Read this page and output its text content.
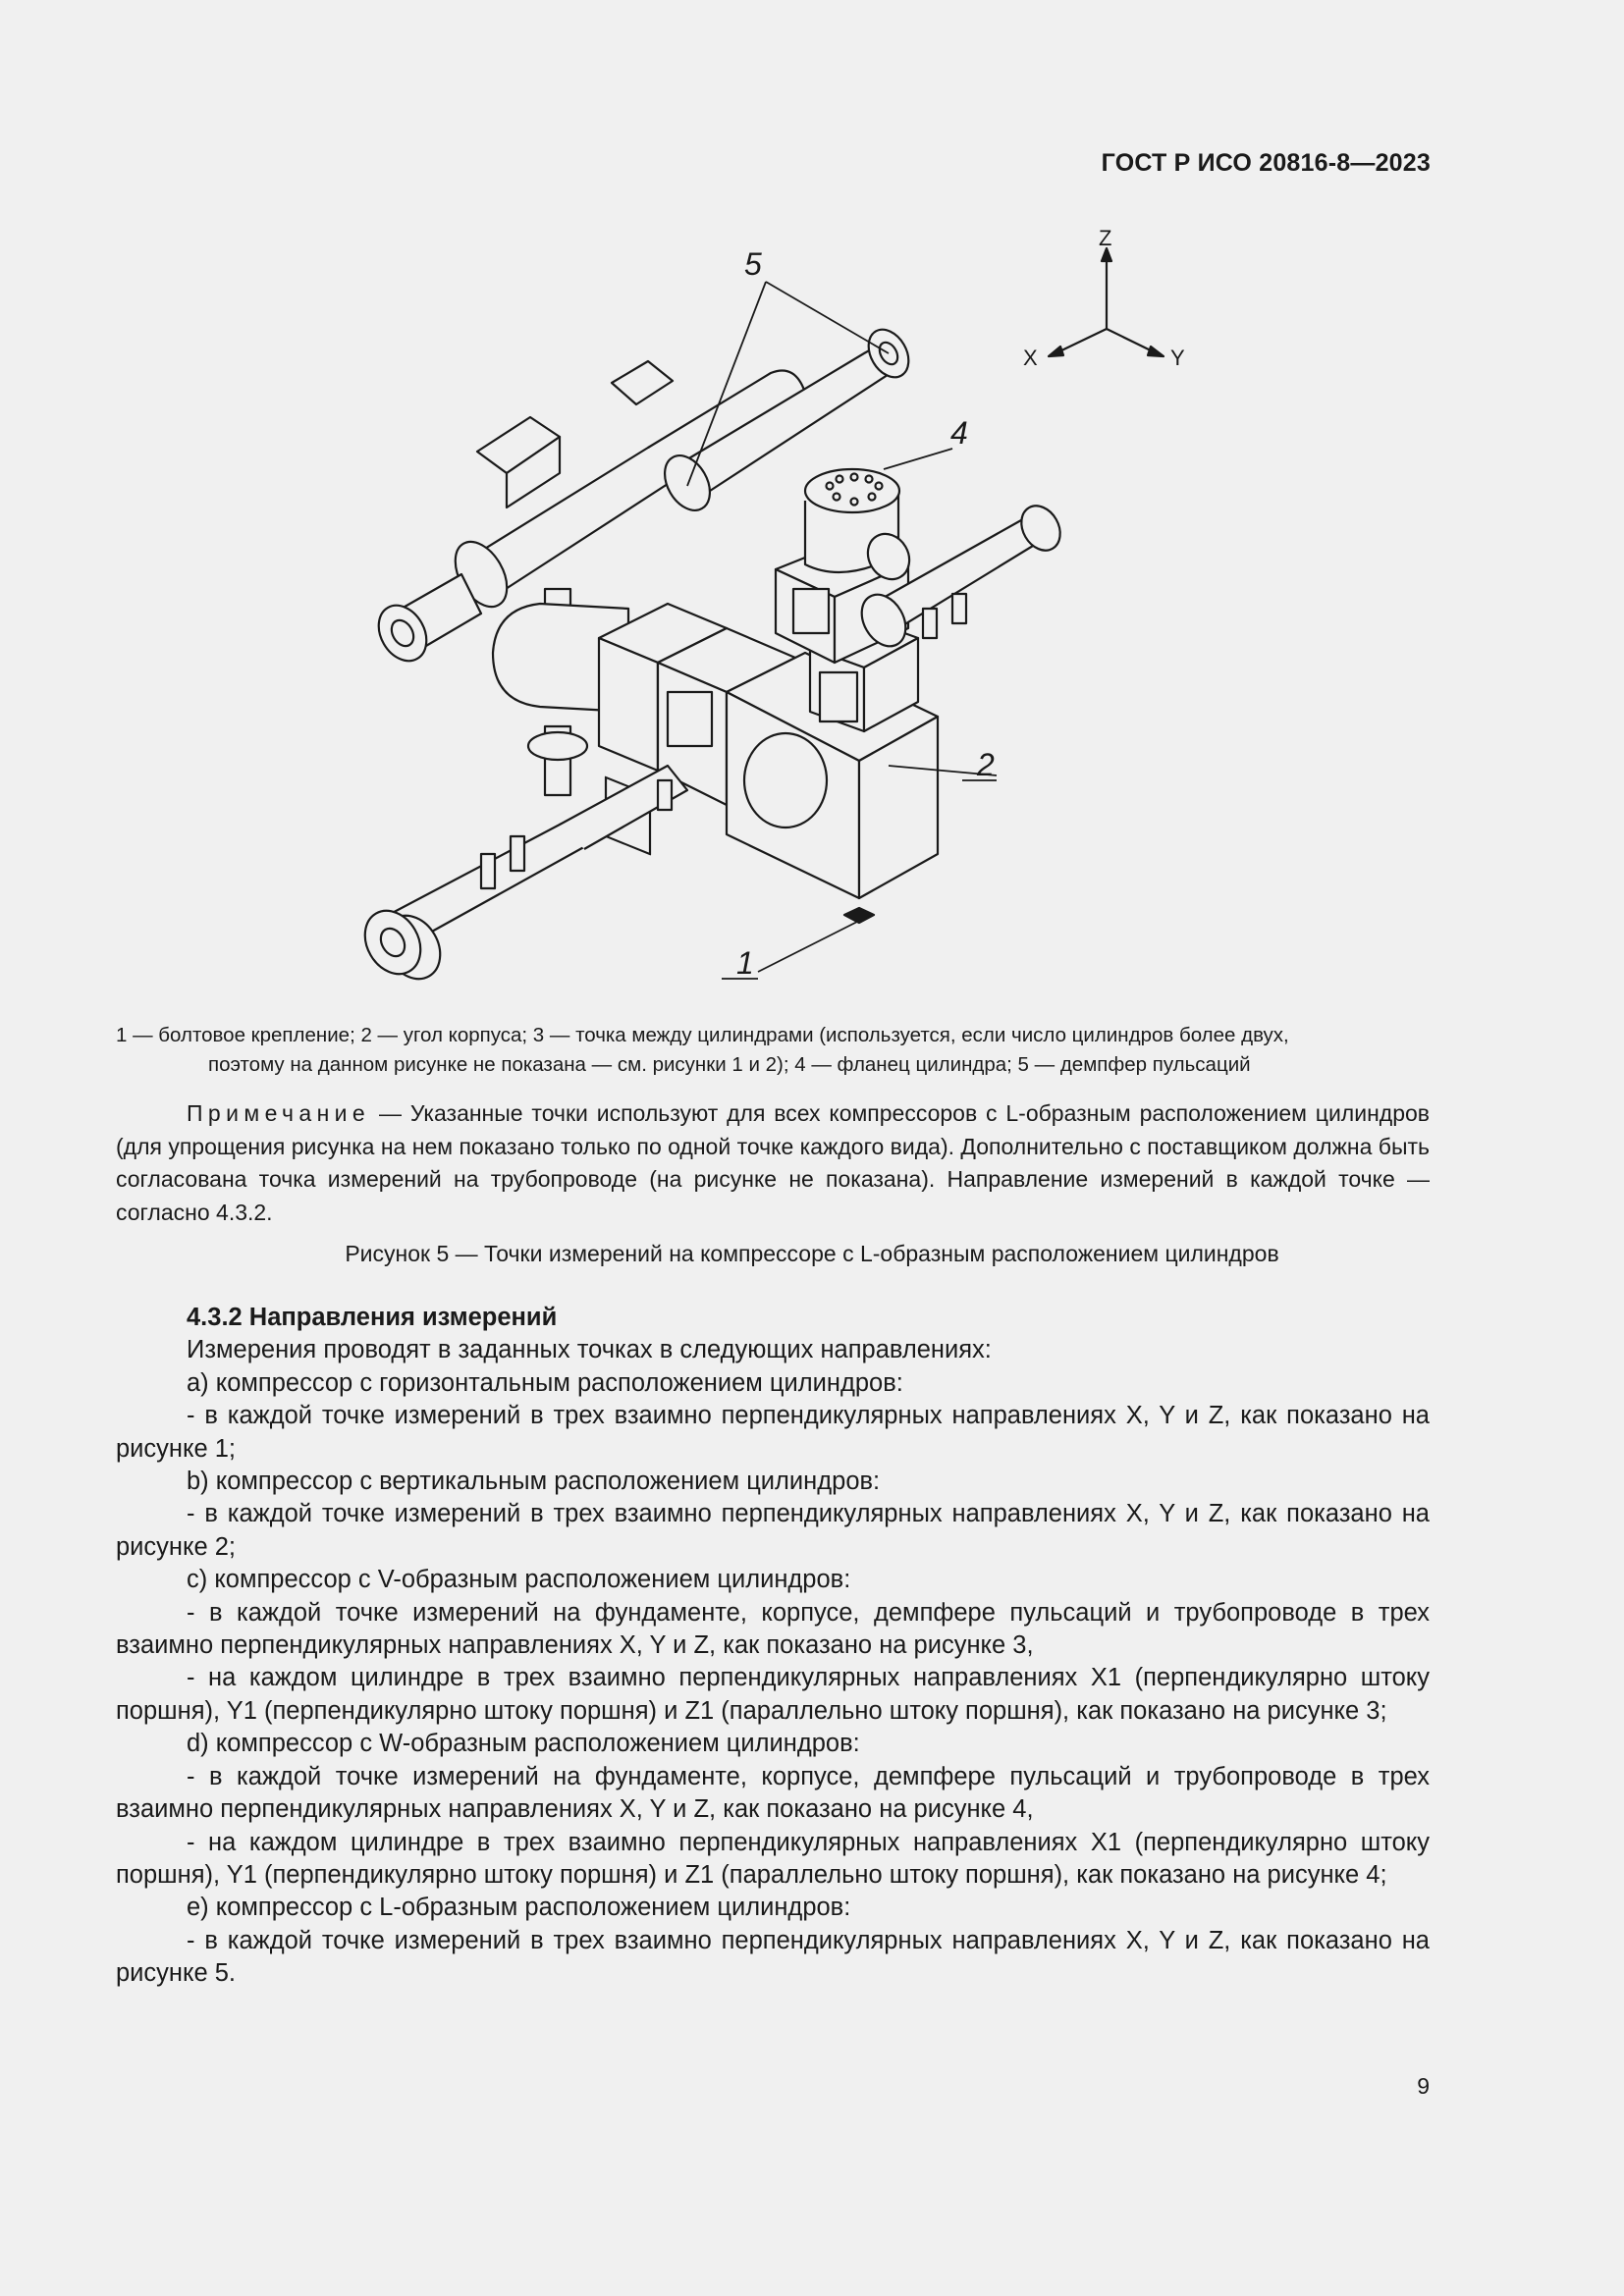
ГОСТ Р ИСО 20816-8—2023
Z
X	Y
5
4
2
1
1 — болтовое крепление; 2 — угол корпуса; 3 — точка между цилиндрами (используется, если число цилиндров более двух,
поэтому на данном рисунке не показана — см. рисунки 1 и 2); 4 — фланец цилиндра; 5 — демпфер пульсаций
Примечание — Указанные точки используют для всех компрессоров с L-образным расположением цилиндров (для упрощения рисунка на нем показано только по одной точке каждого вида). Дополнительно с поставщиком должна быть согласована точка измерений на трубопроводе (на рисунке не показана). Направление измерений в каждой точке — согласно 4.3.2.
Рисунок 5 — Точки измерений на компрессоре с L-образным расположением цилиндров

4.3.2 Направления измерений

Измерения проводят в заданных точках в следующих направлениях:

a) компрессор с горизонтальным расположением цилиндров:

- в каждой точке измерений в трех взаимно перпендикулярных направлениях X, Y и Z, как показано на рисунке 1;

b) компрессор с вертикальным расположением цилиндров:

- в каждой точке измерений в трех взаимно перпендикулярных направлениях X, Y и Z, как показано на рисунке 2;

c) компрессор с V-образным расположением цилиндров:

- в каждой точке измерений на фундаменте, корпусе, демпфере пульсаций и трубопроводе в трех взаимно перпендикулярных направлениях X, Y и Z, как показано на рисунке 3,

- на каждом цилиндре в трех взаимно перпендикулярных направлениях X1 (перпендикулярно штоку поршня), Y1 (перпендикулярно штоку поршня) и Z1 (параллельно штоку поршня), как показано на рисунке 3;

d) компрессор с W-образным расположением цилиндров:

- в каждой точке измерений на фундаменте, корпусе, демпфере пульсаций и трубопроводе в трех взаимно перпендикулярных направлениях X, Y и Z, как показано на рисунке 4,

- на каждом цилиндре в трех взаимно перпендикулярных направлениях X1 (перпендикулярно штоку поршня), Y1 (перпендикулярно штоку поршня) и Z1 (параллельно штоку поршня), как показано на рисунке 4;

e) компрессор с L-образным расположением цилиндров:

- в каждой точке измерений в трех взаимно перпендикулярных направлениях X, Y и Z, как показано на рисунке 5.

9
